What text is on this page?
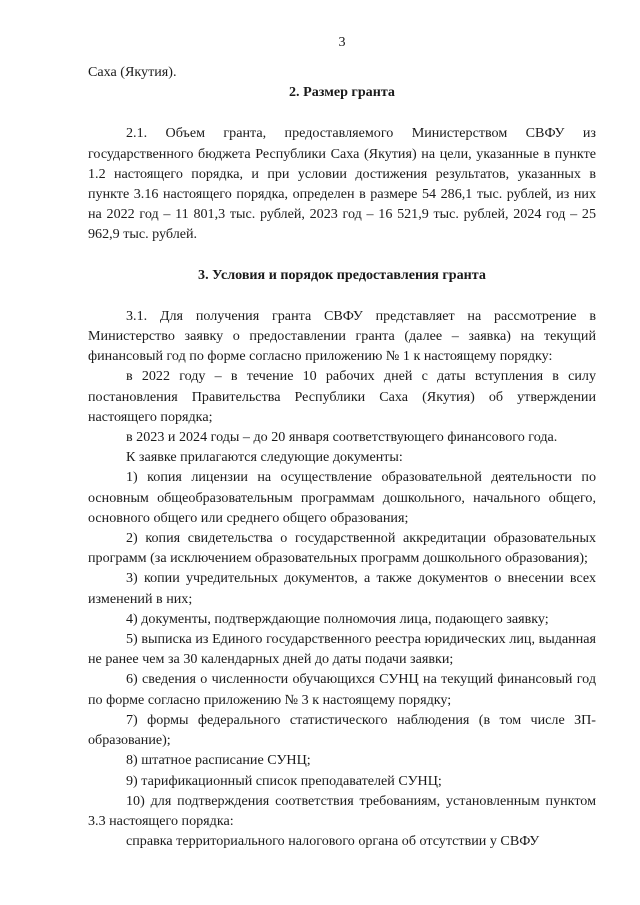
3

Саха (Якутия).

2. Размер гранта

2.1. Объем гранта, предоставляемого Министерством СВФУ из государственного бюджета Республики Саха (Якутия) на цели, указанные в пункте 1.2 настоящего порядка, и при условии достижения результатов, указанных в пункте 3.16 настоящего порядка, определен в размере 54 286,1 тыс. рублей, из них на 2022 год – 11 801,3 тыс. рублей, 2023 год – 16 521,9 тыс. рублей, 2024 год – 25 962,9 тыс. рублей.

3. Условия и порядок предоставления гранта

3.1. Для получения гранта СВФУ представляет на рассмотрение в Министерство заявку о предоставлении гранта (далее – заявка) на текущий финансовый год по форме согласно приложению № 1 к настоящему порядку:

в 2022 году – в течение 10 рабочих дней с даты вступления в силу постановления Правительства Республики Саха (Якутия) об утверждении настоящего порядка;

в 2023 и 2024 годы – до 20 января соответствующего финансового года.

К заявке прилагаются следующие документы:

1) копия лицензии на осуществление образовательной деятельности по основным общеобразовательным программам дошкольного, начального общего, основного общего или среднего общего образования;

2) копия свидетельства о государственной аккредитации образовательных программ (за исключением образовательных программ дошкольного образования);

3) копии учредительных документов, а также документов о внесении всех изменений в них;

4) документы, подтверждающие полномочия лица, подающего заявку;

5) выписка из Единого государственного реестра юридических лиц, выданная не ранее чем за 30 календарных дней до даты подачи заявки;

6) сведения о численности обучающихся СУНЦ на текущий финансовый год по форме согласно приложению № 3 к настоящему порядку;

7) формы федерального статистического наблюдения (в том числе ЗП-образование);

8) штатное расписание СУНЦ;

9) тарификационный список преподавателей СУНЦ;

10) для подтверждения соответствия требованиям, установленным пунктом 3.3 настоящего порядка:

справка территориального налогового органа об отсутствии у СВФУ
